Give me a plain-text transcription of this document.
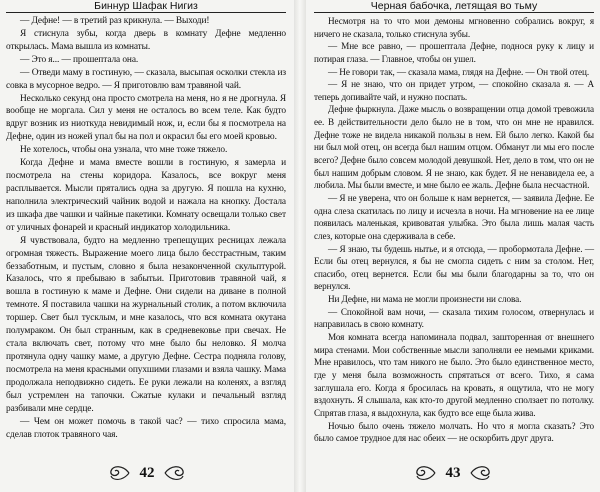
Биннур Шафак Нигиз

— Дефне! — в третий раз крикнула. — Выходи!

Я стиснула зубы, когда дверь в комнату Дефне медленно открылась. Мама вышла из комнаты.

— Это я... — прошептала она.

— Отведи маму в гостиную, — сказала, высыпая осколки стекла из совка в мусорное ведро. — Я приготовлю вам травяной чай.

Несколько секунд она просто смотрела на меня, но я не дрогнула. Я вообще не моргала. Сил у меня не осталось во всем теле. Как будто вдруг возник из ниоткуда невидимый нож, и, если бы я посмотрела на Дефне, один из ножей упал бы на пол и окрасил бы его моей кровью.

Не хотелось, чтобы она узнала, что мне тоже тяжело.

Когда Дефне и мама вместе вошли в гостиную, я замерла и посмотрела на стены коридора. Казалось, все вокруг меня расплывается. Мысли прятались одна за другую. Я пошла на кухню, наполнила электрический чайник водой и нажала на кнопку. Достала из шкафа две чашки и чайные пакетики. Комнату освещали только свет от уличных фонарей и красный индикатор холодильника.

Я чувствовала, будто на медленно трепещущих ресницах лежала огромная тяжесть. Выражение моего лица было бесстрастным, таким беззаботным, и пустым, словно я была незаконченной скульптурой. Казалось, что я пребываю в забытьи. Приготовив травяной чай, я вошла в гостиную к маме и Дефне. Они сидели на диване в полной темноте. Я поставила чашки на журнальный столик, а потом включила торшер. Свет был тусклым, и мне казалось, что вся комната окутана полумраком. Он был странным, как в средневековье при свечах. Не стала включать свет, потому что мне было бы неловко. Я молча протянула одну чашку маме, а другую Дефне. Сестра подняла голову, посмотрела на меня красными опухшими глазами и взяла чашку. Мама продолжала неподвижно сидеть. Ее руки лежали на коленях, а взгляд был устремлен на тапочки. Сжатые кулаки и печальный взгляд разбивали мне сердце.

— Чем он может помочь в такой час? — тихо спросила мама, сделав глоток травяного чая.

42
Черная бабочка, летящая во тьму

Несмотря на то что мои демоны мгновенно собрались вокруг, я ничего не сказала, только стиснула зубы.

— Мне все равно, — прошептала Дефне, поднося руку к лицу и потирая глаза. — Главное, чтобы он ушел.

— Не говори так, — сказала мама, глядя на Дефне. — Он твой отец.

— Я не знаю, что он придет утром, — спокойно сказала я. — А теперь допивайте чай, и нужно поспать.

Дефне фыркнула. Даже мысль о возвращении отца домой тревожила ее. В действительности дело было не в том, что он мне не нравился. Дефне тоже не видела никакой пользы в нем. Ей было легко. Какой бы ни был мой отец, он всегда был нашим отцом. Обманут ли мы его после всего? Дефне было совсем молодой девушкой. Нет, дело в том, что он не был нашим добрым словом. Я не знаю, как будет. Я не ненавидела ее, а любила. Мы были вместе, и мне было ее жаль. Дефне была несчастной.

— Я не уверена, что он больше к нам вернется, — заявила Дефне. Ее одна слеза скатилась по лицу и исчезла в ночи. На мгновение на ее лице появилась маленькая, кривоватая улыбка. Это была лишь малая часть слез, которые она сдерживала в себе.

— Я знаю, ты будешь нытье, и я отсюда, — пробормотала Дефне. — Если бы отец вернулся, я бы не смогла сидеть с ним за столом. Нет, спасибо, отец вернется. Если бы мы были благодарны за то, что он вернулся.

Ни Дефне, ни мама не могли произнести ни слова.

— Спокойной вам ночи, — сказала тихим голосом, отвернулась и направилась в свою комнату.

Моя комната всегда напоминала подвал, зашторенная от внешнего мира стенами. Мои собственные мысли заполняли ее немыми криками. Мне нравилось, что там никого не было. Это было единственное место, где у меня была возможность спрятаться от всего. Тихо, я сама заглушала его. Когда я бросилась на кровать, я ощутила, что не могу вздохнуть. Я слышала, как кто-то другой медленно сползает по потолку. Спрятав глаза, я выдохнула, как будто все еще была жива.

Ночью было очень тяжело молчать. Но что я могла сказать? Это было самое трудное для нас обеих — не оскорбить друг друга.

43
